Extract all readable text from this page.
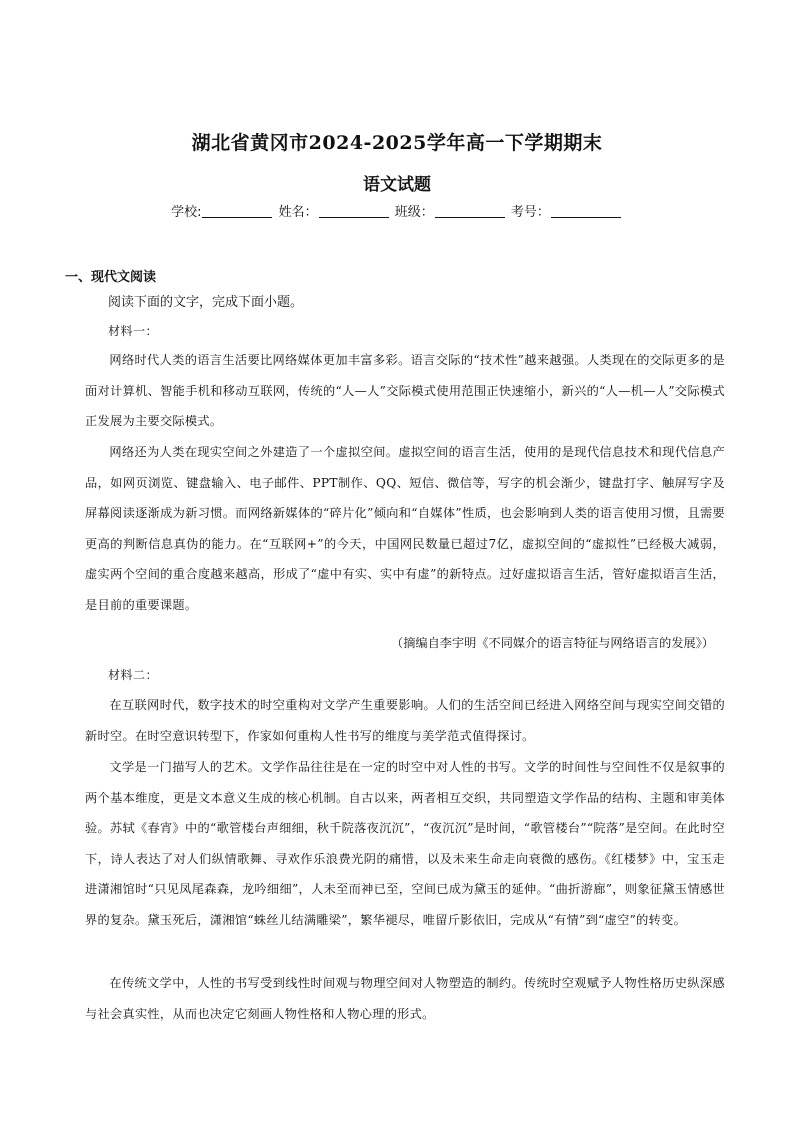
湖北省黄冈市2024-2025学年高一下学期期末
语文试题
学校:	姓名：	班级：	考号：
一、现代文阅读
阅读下面的文字，完成下面小题。
材料一：

网络时代人类的语言生活要比网络媒体更加丰富多彩。语言交际的“技术性”越来越强。人类现在的交际更多的是面对计算机、智能手机和移动互联网，传统的“人—人”交际模式使用范围正快速缩小，新兴的“人—机—人”交际模式正发展为主要交际模式。

网络还为人类在现实空间之外建造了一个虚拟空间。虚拟空间的语言生活，使用的是现代信息技术和现代信息产品，如网页浏览、键盘输入、电子邮件、PPT制作、QQ、短信、微信等，写字的机会渐少，键盘打字、触屏写字及屏幕阅读逐渐成为新习惯。而网络新媒体的“碎片化”倾向和“自媒体”性质，也会影响到人类的语言使用习惯，且需要更高的判断信息真伪的能力。在“互联网+”的今天，中国网民数量已超过7亿，虚拟空间的“虚拟性”已经极大减弱，虚实两个空间的重合度越来越高，形成了“虚中有实、实中有虚”的新特点。过好虚拟语言生活，管好虚拟语言生活，是目前的重要课题。

（摘编自李宇明《不同媒介的语言特征与网络语言的发展》）
材料二：

在互联网时代，数字技术的时空重构对文学产生重要影响。人们的生活空间已经进入网络空间与现实空间交错的新时空。在时空意识转型下，作家如何重构人性书写的维度与美学范式值得探讨。

文学是一门描写人的艺术。文学作品往往是在一定的时空中对人性的书写。文学的时间性与空间性不仅是叙事的两个基本维度，更是文本意义生成的核心机制。自古以来，两者相互交织，共同塑造文学作品的结构、主题和审美体验。苏轼《春宵》中的“歌管楼台声细细，秋千院落夜沉沉”，“夜沉沉”是时间，“歌管楼台”“院落”是空间。在此时空下，诗人表达了对人们纵情歌舞、寻欢作乐浪费光阴的痛惜，以及未来生命走向衰微的感伤。《红楼梦》中，宝玉走进潇湘馆时“只见凤尾森森，龙吟细细”，人未至而神已至，空间已成为黛玉的延伸。“曲折游廊”，则象征黛玉情感世界的复杂。黛玉死后，潇湘馆“蛛丝儿结满雕梁”，繁华褪尽，唯留斤影依旧，完成从“有情”到“虚空”的转变。

在传统文学中，人性的书写受到线性时间观与物理空间对人物塑造的制约。传统时空观赋予人物性格历史纵深感与社会真实性，从而也决定它刻画人物性格和人物心理的形式。
